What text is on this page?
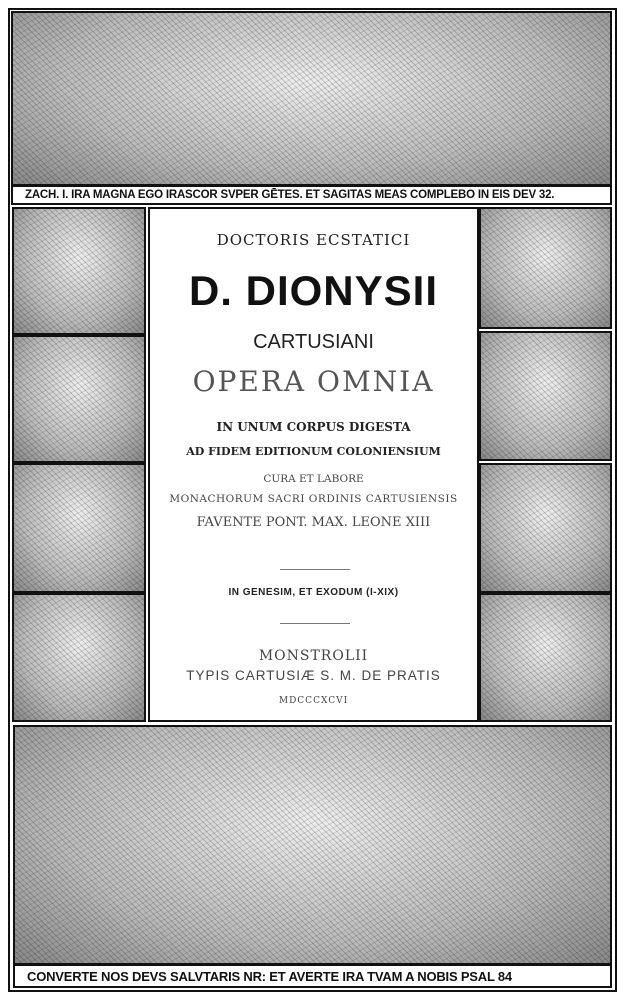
ZACH. I. IRA MAGNA EGO IRASCOR SVPER GĒTES. ET SAGITAS MEAS COMPLEBO IN EIS DEV 32.
DOCTORIS ECSTATICI
D. DIONYSII
CARTUSIANI
OPERA OMNIA
IN UNUM CORPUS DIGESTA
AD FIDEM EDITIONUM COLONIENSIUM
CURA ET LABORE
MONACHORUM SACRI ORDINIS CARTUSIENSIS
FAVENTE PONT. MAX. LEONE XIII
IN GENESIM, ET EXODUM (I-XIX)
MONSTROLII
TYPIS CARTUSIÆ S. M. DE PRATIS
MDCCCXCVI
CONVERTE NOS DEVS SALVTARIS NR: ET AVERTE IRA TVAM A NOBIS PSAL 84
